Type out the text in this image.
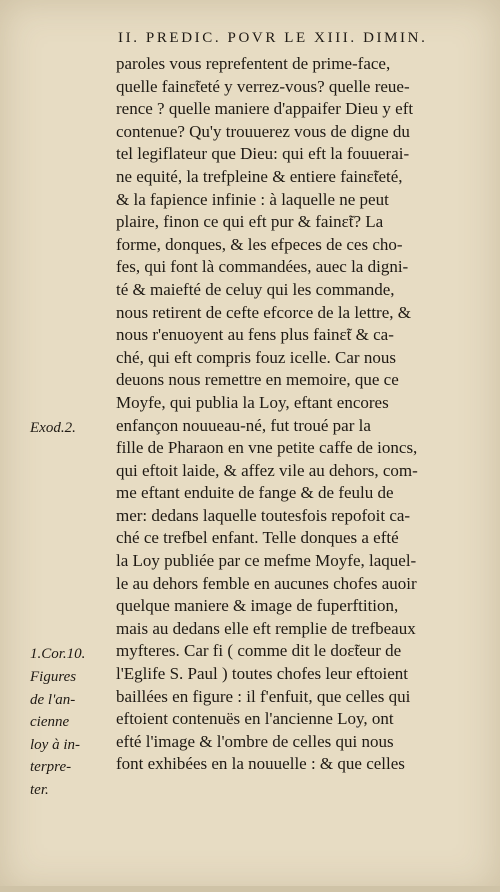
II. PREDIC. POVR LE XIII. DIMIN.
paroles vous reprefentent de prime-face,
quelle fainɛ̃teté y verrez-vous? quelle reue-
rence ? quelle maniere d'appaifer Dieu y eft
contenue? Qu'y trouuerez vous de digne du
tel legiflateur que Dieu: qui eft la fouuerai-
ne equité, la trefpleine & entiere fainɛ̃teté,
& la fapience infinie : à laquelle ne peut
plaire, finon ce qui eft pur & fainɛ̃t? La
forme, donques, & les efpeces de ces cho-
fes, qui font là commandées, auec la digni-
té & maiefté de celuy qui les commande,
nous retirent de cefte efcorce de la lettre, &
nous r'enuoyent au fens plus fainɛ̃t & ca-
ché, qui eft compris fouz icelle. Car nous
deuons nous remettre en memoire, que ce
Moyfe, qui publia la Loy, eftant encores
enfançon nouueau-né, fut troué par la
fille de Pharaon en vne petite caffe de ioncs,
qui eftoit laide, & affez vile au dehors, com-
me eftant enduite de fange & de feulu de
mer: dedans laquelle toutesfois repofoit ca-
ché ce trefbel enfant. Telle donques a efté
la Loy publiée par ce mefme Moyfe, laquel-
le au dehors femble en aucunes chofes auoir
quelque maniere & image de fuperftition,
mais au dedans elle eft remplie de trefbeaux
myfteres. Car fi ( comme dit le doɛ̃teur de
l'Eglife S. Paul ) toutes chofes leur eftoient
baillées en figure : il f'enfuit, que celles qui
eftoient contenuës en l'ancienne Loy, ont
efté l'image & l'ombre de celles qui nous
font exhibées en la nouuelle : & que celles
Exod.2.
1.Cor.10.
Figures
de l'an-
cienne
loy à in-
terpre-
ter.
